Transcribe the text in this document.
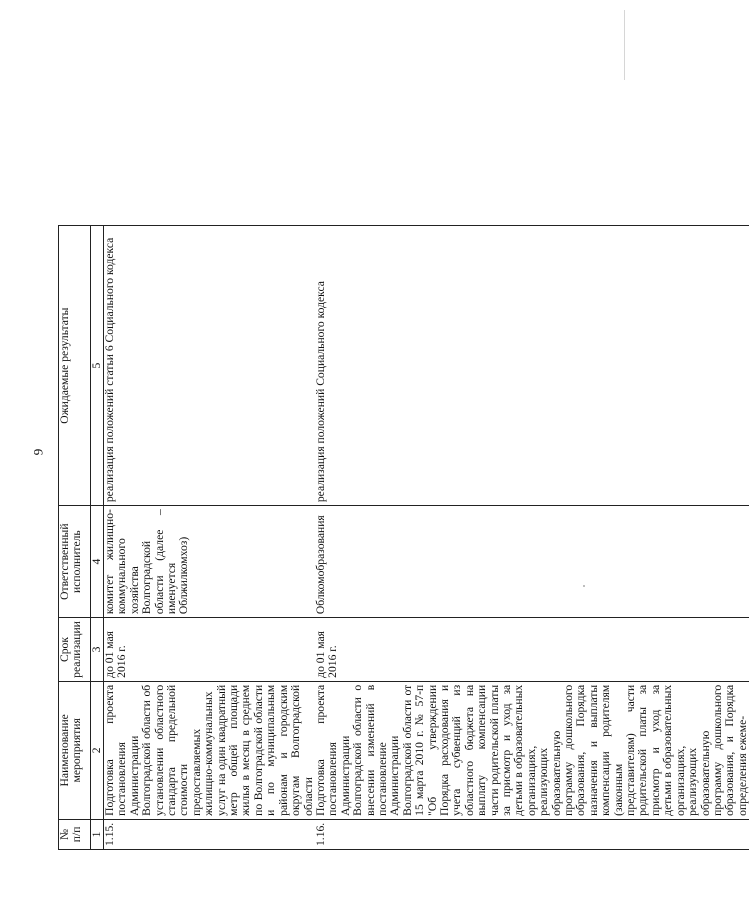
9
№ п/п	Наименование мероприятия	Срок реализации	Ответственный исполнитель	Ожидаемые результаты
1	2	3	4	5
1.15.	Подготовка проекта постановления Администрации Волгоградской области об установлении областного стандарта предельной стоимости предоставляемых жилищно-коммунальных услуг на один квадратный метр общей площади жилья в месяц в среднем по Волгоградской области и по муниципальным районам и городским округам Волгоградской области	до 01 мая 2016 г.	комитет жилищно-коммунального хозяйства Волгоградской области (далее – именуется Облжилкомхоз)	реализация положений статьи 6 Социального кодекса
1.16.	Подготовка проекта постановления Администрации Волгоградской области о внесении изменений в постановление Администрации Волгоградской области от 15 марта 2010 г. № 57-п "Об утверждении Порядка расходования и учета субвенций из областного бюджета на выплату компенсации части родительской платы за присмотр и уход за детьми в образовательных организациях, реализующих образовательную программу дошкольного образования, Порядка назначения и выплаты компенсации родителям (законным представителям) части родительской платы за присмотр и уход за детьми в образовательных организациях, реализующих образовательную программу дошкольного образования, и Порядка определения ежеме-	до 01 мая 2016 г.	Облкомобразования	реализация положений Социального кодекса
